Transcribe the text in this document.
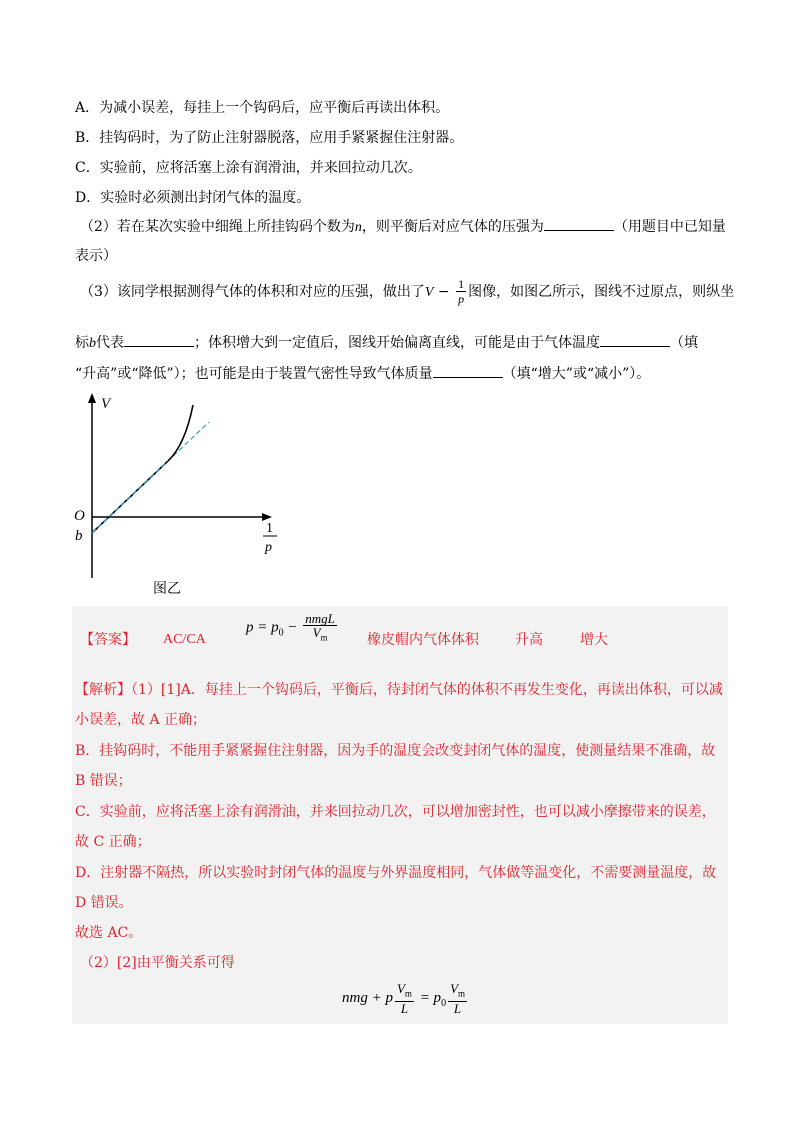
A．为减小误差，每挂上一个钩码后，应平衡后再读出体积。
B．挂钩码时，为了防止注射器脱落，应用手紧紧握住注射器。
C．实验前，应将活塞上涂有润滑油，并来回拉动几次。
D．实验时必须测出封闭气体的温度。
（2）若在某次实验中细绳上所挂钩码个数为n，则平衡后对应气体的压强为	（用题目中已知量
表示）
（3）该同学根据测得气体的体积和对应的压强，做出了$V - \frac{1}{p}$ 图像，如图乙所示，图线不过原点，则纵坐
标b代表	；体积增大到一定值后，图线开始偏离直线，可能是由于气体温度	（填
“升高”或“降低”）；也可能是由于装置气密性导致气体质量	（填“增大”或“减小”）。
V
O
b	1
p
图乙
【答案】 AC/CA
$p = p_0 - \frac{\text{nmgL}}{V_m}$ 橡皮帽内气体体积	升高	增大
【解析】（1）[1]A．每挂上一个钩码后，平衡后，待封闭气体的体积不再发生变化，再读出体积，可以减
小误差，故 A 正确；
B．挂钩码时，不能用手紧紧握住注射器，因为手的温度会改变封闭气体的温度，使测量结果不准确，故
B 错误；
C．实验前，应将活塞上涂有润滑油，并来回拉动几次，可以增加密封性，也可以减小摩擦带来的误差，
故 C 正确；
D．注射器不隔热，所以实验时封闭气体的温度与外界温度相同，气体做等温变化，不需要测量温度，故
D 错误。
故选 AC。
（2）[2]由平衡关系可得
nmg + p $\frac{V_m}{L} = p_0 \frac{V_m}{L}$
